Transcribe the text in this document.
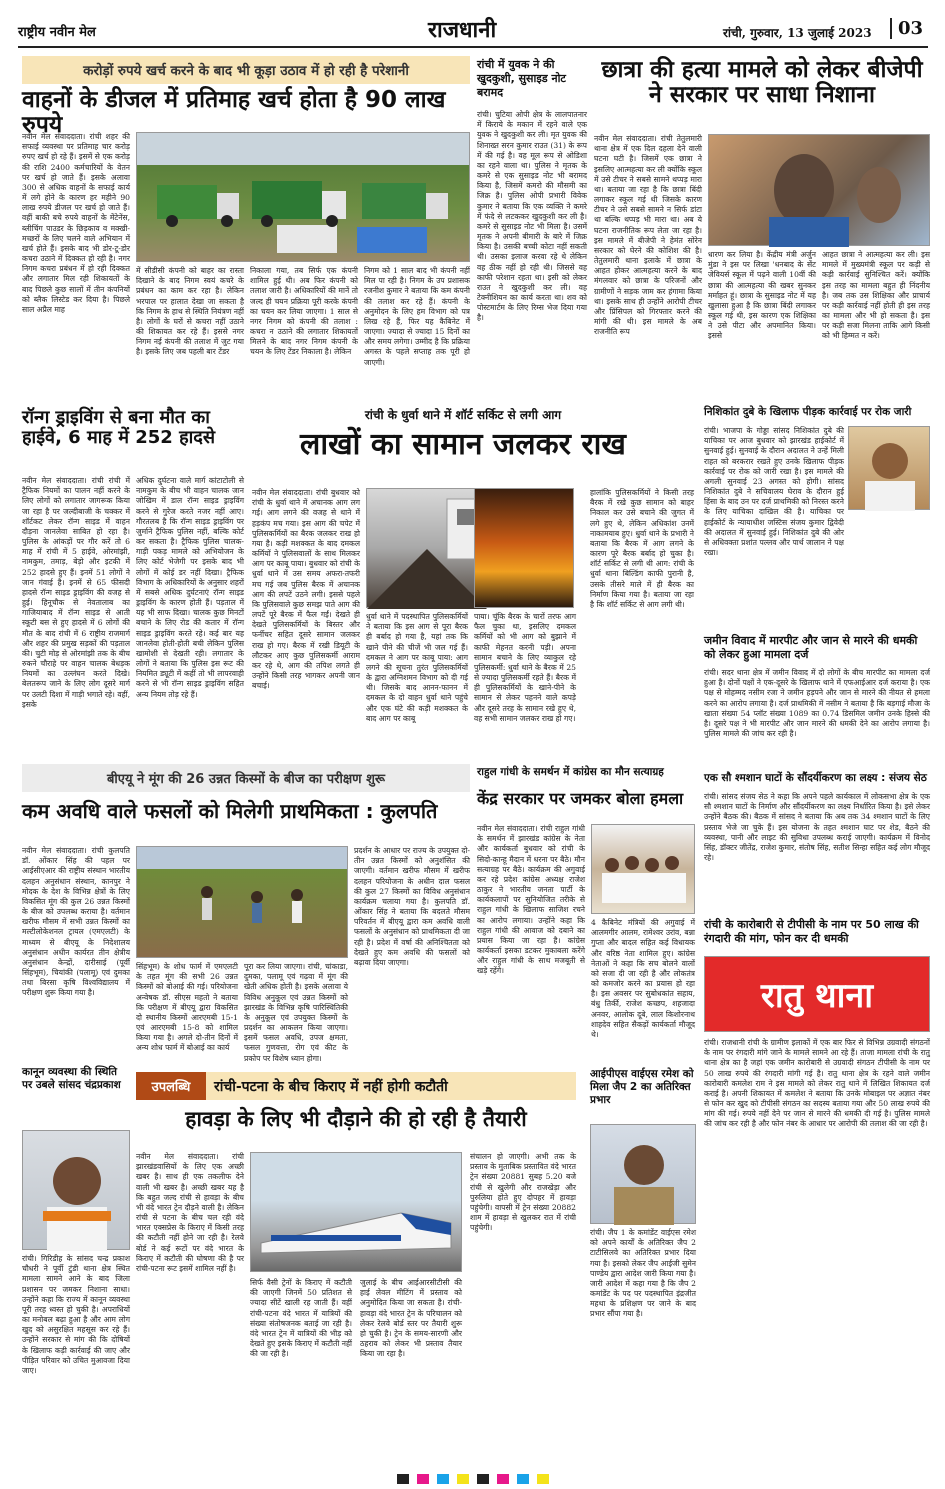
राष्ट्रीय नवीन मेल	राजधानी	रांची, गुरुवार, 13 जुलाई 2023	03
करोड़ों रुपये खर्च करने के बाद भी कूड़ा उठाव में हो रही है परेशानी
वाहनों के डीजल में प्रतिमाह खर्च होता है 90 लाख रुपये
नवीन मेल संवाददाता। रांची शहर की सफाई व्यवस्था पर प्रतिमाह चार करोड़ रुपए खर्च हो रहे हैं। इसमें से एक करोड़ की राशि 2400 कर्मचारियों के वेतन पर खर्च हो जाते हैं। इसके अलावा 300 से अधिक वाहनों के सफाई कार्य में लगे होने के कारण हर महीने 90 लाख रुपये डीजल पर खर्च हो जाते हैं। वहीं बाकी बचे रुपये वाहनों के मेंटेनेंस, ब्लीचिंग पाउडर के छिड़काव व मक्खी-मच्छरों के लिए चलने वाले अभियान में खर्च होते हैं। इसके बाद भी डोर-टू-डोर कचरा उठाने में दिक्कत हो रही है। नगर निगम कचरा प्रबंधन में हो रही दिक्कत और लगातार मिल रही शिकायतों के बाद पिछले कुछ सालों में तीन कंपनियों को ब्लैक लिस्टेड कर दिया है। पिछले साल अप्रैल माह
में सीडीसी कंपनी को बाहर का रास्ता दिखाने के बाद निगम स्वयं कचरे के प्रबंधन का काम कर रहा है। लेकिन भरपाल पर हालात देखा जा सकता है कि निगम के हाथ से स्थिति नियंत्रण नहीं है। लोगों के घरों से कचरा नहीं उठाने की शिकायत कर रहे हैं। इससे नगर निगम नई कंपनी की तलाश में जुट गया है। इसके लिए जब पहली बार टेंडर
निकाला गया, तब सिर्फ एक कंपनी शामिल हुई थी। अब फिर कंपनी को तलाश जारी है। अधिकारियों की मानें तो जल्द ही चयन प्रक्रिया पूरी करके कंपनी का चयन कर लिया जाएगा। 1 साल से नगर निगम को कंपनी की तलाश : कचरा न उठाने की लगातार शिकायतों मिलने के बाद नगर निगम कंपनी के चयन के लिए टेंडर निकाला है। लेकिन
निगम को 1 साल बाद भी कंपनी नहीं मिल पा रही है। निगम के उप प्रशासक रजनीश कुमार ने बताया कि कम कंपनी की तलाश कर रहे हैं। कंपनी के अनुमोदन के लिए हम विभाग को पत्र लिख रहे हैं, फिर यह कैबिनेट में जाएगा। ज्यादा से ज्यादा 15 दिनों का और समय लगेगा। उम्मीद है कि प्रक्रिया अगस्त के पहले सप्ताह तक पूरी हो जाएगी।
रांची में युवक ने की खुदकुशी, सुसाइड नोट बरामद
रांची। चुटिया ओपी क्षेत्र के लालपातनार में किराये के मकान में रहने वाले एक युवक ने खुदकुशी कर ली। मृत युवक की शिनाख्त सरन कुमार राउत (31) के रूप में की गई है। वह मूल रूप से ओडिशा का रहने वाला था। पुलिस ने मृतक के कमरे से एक सुसाइड नोट भी बरामद किया है, जिसमें कमरो की मौसमी का जिक्र है। पुलिस ओपी प्रभारी विवेक कुमार ने बताया कि एक व्यक्ति ने कमरे में फंदे से लटककर खुदकुशी कर ली है। कमरे से सुसाइड नोट भी मिला है। उसमें मृतक ने अपनी बीमारी के बारे में जिक्र किया है। उसकी बच्ची कोटा नहीं सकती थी। उसका इलाज करवा रहे थे लेकिन वह ठीक नहीं हो रही थी। जिससे वह काफी परेशान रहता था। इसी को लेकर राउत ने खुदकुशी कर ली। वह टेक्नीशियन का कार्य करता था। शव को पोस्टमार्टम के लिए रिम्स भेज दिया गया है।
छात्रा की हत्या मामले को लेकर बीजेपी ने सरकार पर साधा निशाना
नवीन मेल संवाददाता। रांची तेतुलमारी थाना क्षेत्र में एक दिल दहला देने वाली घटना घटी है। जिसमें एक छात्रा ने इसलिए आत्महत्या कर ली क्योंकि स्कूल में उसे टीचर ने सबसे सामने थप्पड़ मारा था। बताया जा रहा है कि छात्रा बिंदी लगाकर स्कूल गई थी जिसके कारण टीचर ने उसे सबसे सामने न सिर्फ डांटा था बल्कि थप्पड़ भी मारा था। अब ये घटना राजनीतिक रूप लेता जा रहा है। इस मामले में बीजेपी ने हेमंत सोरेन सरकार को घेरने की कोशिश की है। तेतुलमारी थाना इलाके में छात्रा के आहत होकर आत्महत्या करने के बाद मंगलवार को छात्रा के परिजनों और ग्रामीणों ने सड़क जाम कर हंगामा किया था। इसके साथ ही उन्होंने आरोपी टीचर और प्रिंसिपल को गिरफ्तार करने की मांगी की थी। इस मामले के अब राजनीति रूप
धारण कर लिया है। केंद्रीय मंत्री अर्जुन मुंडा ने इस पर लिखा 'धनबाद के सेंट जेवियर्स स्कूल में पढ़ने वाली 10वीं की छात्रा की आत्महत्या की खबर सुनकर मर्माहत हूं। छात्रा के सुसाइड नोट में यह खुलासा हुआ है कि छात्रा बिंदी लगाकर स्कूल गई थी, इस कारण एक शिक्षिका ने उसे पीटा और अपमानित किया। इससे
आहत छात्रा ने आत्महत्या कर ली। इस मामले में मुख्यमंत्री स्कूल पर कड़ी से कड़ी कार्रवाई सुनिश्चित करें। क्योंकि इस तरह का मामला बहुत ही निंदनीय है। जब तक उस शिक्षिका और प्राचार्य पर कड़ी कार्रवाई नहीं होती ही इस तरह का मामला और भी हो सकता है। इस पर कड़ी सजा मिलना ताकि आगे किसी को भी हिम्मत न करें।
रॉन्ग ड्राइविंग से बना मौत का हाईवे, 6 माह में 252 हादसे
नवीन मेल संवाददाता। रांची रांची में ट्रैफिक नियमों का पालन नहीं करने के लिए लोगों को लगातार जागरूक किया जा रहा है पर जल्दीबाजी के चक्कर में शॉर्टकट लेकर रॉन्ग साइड में वाहन दौड़ना जानलेवा साबित हो रहा है। पुलिस के आंकड़ों पर गौर करें तो 6 माह में रांची में 5 हाईवे, ओरमांझी, नामकुम, तमाड़, बेड़ो और इटकी में 252 हादसे हुए हैं। इनमें 51 लोगों ने जान गंवाई है। इनमें से 65 फीसदी हादसे रॉन्ग साइड ड्राइविंग की वजह से हुई। हिनूचौक से नेवतालाब का गाजियाबाद में रॉन्ग साइड से आती स्कूटी बस से हुए हादसे में 6 लोगों की मौत के बाद रांची में 6 राष्ट्रीय राजमार्ग और शहर की प्रमुख सड़कों की पड़ताल की। चुटी मोड़ से ओरमांझी तक के बीच रुकने चौराहे पर वाहन चालक बेधड़क नियमों का उल्लंघन करते दिखे। बेलतरूप जाने के लिए लोग दूसरे मार्ग पर उलटी दिशा में गाड़ी भगाते रहे। वहीं, इसके
अधिक दुर्घटना वाले मार्ग कांटाटोली से नामकुम के बीच भी वाहन चालक जान जोखिम में डाल रॉन्ग साइड ड्राइविंग करने से गुरेज करते नजर नहीं आए। गौरतलब है कि रॉन्ग साइड ड्राइविंग पर जुर्माने ट्रैफिक पुलिस नहीं, बल्कि कोर्ट कर सकता है। ट्रैफिक पुलिस चालक-गाड़ी पकड़ मामले को अभियोजन के लिए कोर्ट भेजेगी पर इसके बाद भी लोगों में कोई डर नहीं दिखा। ट्रैफिक विभाग के अधिकारियों के अनुसार शहरों में सबसे अधिक दुर्घटनाएं रॉन्ग साइड ड्राइविंग के कारण होती हैं। पड़ताल में यह भी साफ दिखा। चालक कुछ मिनटों बचाने के लिए रोड की कतार में रॉन्ग साइड ड्राइविंग करते रहे। कई बार यह जानलेवा होती-होती बची लेकिन पुलिस खामोशी से देखती रही। लगातार के लोगों ने बताया कि पुलिस इस रूट की नियमित ड्यूटी में कहीं तो भी लापरवाही करने से भी रॉन्ग साइड ड्राइविंग सहित अन्य नियम तोड़ रहे हैं।
रांची के धुर्वा थाने में शॉर्ट सर्किट से लगी आग
लाखों का सामान जलकर राख
नवीन मेल संवाददाता। रांची बुधवार को रांची के धुर्वा थाने में अचानक आग लग गई। आग लगने की वजह से थाने में हड़कंप मच गया। इस आग की चपेट में पुलिसकर्मियों का बैरक जलकर राख हो गया है। कड़ी मशक्कत के बाद दमकल कर्मियों ने पुलिसवालों के साथ मिलकर आग पर काबू पाया। बुधवार को रांची के धुर्वा थाने में उस समय अफरा-तफरी मच गई जब पुलिस बैरक में अचानक आग की लपटें उठने लगी। इससे पहले कि पुलिसवाले कुछ समझ पाते आग की लपटें पूरे बैरक में फैल गईं। देखते ही देखते पुलिसकर्मियों के बिस्तर और फर्नीचर सहित दूसरे सामान जलकर राख हो गए। बैरक में रखी डियूटी के लौटकर आए कुछ पुलिसकर्मी आराम कर रहे थे, आग की तपिश लगते ही उन्होंने किसी तरह भागकर अपनी जान बचाई।
धुर्वा थाने में पदस्थापित पुलिसकर्मियों ने बताया कि इस आग से पूरा बैरक ही बर्बाद हो गया है, यहां तक कि खाने पीने की चीजें भी जल गई हैं। दमकल ने आग पर काबू पाया: आग लगने की सूचना तुरंत पुलिसकर्मियों के द्वारा अग्निशमन विभाग को दी गई थी। जिसके बाद आनन-फानन में दमकल के दो वाहन धुर्वा थाने पहुंचे और एक घंटे की कड़ी मशक्कत के बाद आग पर काबू
पाया। चूंकि बैरक के चारों तरफ आग फैल चुका था, इसलिए दमकल कर्मियों को भी आग को बुझाने में काफी मेहनत करनी पड़ी। अपना सामान बचाने के लिए व्याकुल रहे पुलिसकर्मी: धुर्वा थाने के बैरक में 25 से ज्यादा पुलिसकर्मी रहते हैं। बैरक में ही पुलिसकर्मियों के खाने-पीने के सामान से लेकर पहनने वाले कपड़े और दूसरे तरह के सामान रखे हुए थे, वह सभी सामान जलकर राख हो गए।
हालांकि पुलिसकर्मियों ने किसी तरह बैरक में रखे कुछ सामान को बाहर निकाल कर उसे बचाने की जुगत में लगे हुए थे, लेकिन अधिकांश उनमें नाकामयाब हुए। धुर्वा थाने के प्रभारी ने बताया कि बैरक में आग लगने के कारण पूरे बैरक बर्बाद हो चुका है। शॉर्ट सर्किट से लगी थी आग: रांची के धुर्वा थाना बिल्डिंग काफी पुरानी है, उसके तीसरे माले में ही बैरक का निर्माण किया गया है। बताया जा रहा है कि शॉर्ट सर्किट से आग लगी थी।
निशिकांत दुबे के खिलाफ पीड़क कार्रवाई पर रोक जारी
रांची। भाजपा के गोड्डा सांसद निशिकांत दुबे की याचिका पर आज बुधवार को झारखंड हाईकोर्ट में सुनवाई हुई। सुनवाई के दौरान अदालत ने उन्हें मिली राहत को बरकरार रखते हुए उनके खिलाफ पीड़क कार्रवाई पर रोक को जारी रखा है। इस मामले की अगली सुनवाई 23 अगस्त को होगी। सांसद निशिकांत दुबे ने सचिवालय घेराव के दौरान हुई हिंसा के बाद उन पर दर्ज प्राथमिकी को निरस्त करने के लिए याचिका दाखिल की है। याचिका पर हाईकोर्ट के न्यायाधीश जस्टिस संजय कुमार द्विवेदी की अदालत में सुनवाई हुई। निशिकांत दुबे की ओर से अधिवक्ता प्रशांत पल्लव और पार्थ जालान ने पक्ष रखा।
जमीन विवाद में मारपीट और जान से मारने की धमकी को लेकर हुआ मामला दर्ज
रांची। सदर थाना क्षेत्र में जमीन विवाद में दो लोगों के बीच मारपीट का मामला दर्ज हुआ है। दोनों पक्षों ने एक-दूसरे के खिलाफ थाने में एफआईआर दर्ज कराया है। एक पक्ष से मोहम्मद नसीम रजा ने जमीन हड़पने और जान से मारने की नीयत से हमला करने का आरोप लगाया है। दर्ज प्राथमिकी में नसीम ने बताया है कि बड़गाई मौजा के खाता संख्या 54 प्लॉट संख्या 1089 का 0.74 डिसमिल जमीन उनके हिस्से की है। दूसरे पक्ष ने भी मारपीट और जान मारने की धमकी देने का आरोप लगाया है। पुलिस मामले की जांच कर रही है।
बीएयू ने मूंग की 26 उन्नत किस्मों के बीज का परीक्षण शुरू
कम अवधि वाले फसलों को मिलेगी प्राथमिकता : कुलपति
नवीन मेल संवाददाता। रांची कुलपति डॉ. ओंकार सिंह की पहल पर आईसीएआर की राष्ट्रीय संस्थान भारतीय दलहन अनुसंधान संस्थान, कानपुर ने मोदक के देश के विभिन्न क्षेत्रों के लिए विकसित मूंग की कुल 26 उन्नत किस्मों के बीज को उपलब्ध कराया है। वर्तमान खरीफ मौसम में सभी उन्नत किस्मों का मल्टीलोकेशनल ट्रायल (एमएलटी) के माध्यम से बीएयू के निदेशालय अनुसंधान अधीन कार्यरत तीन क्षेत्रीय अनुसंधान केन्द्रों, दारीसाई (पूर्वी सिंहभूम), चियांकी (पलामू) एवं दुमका तथा बिरसा कृषि विश्वविद्यालय में परीक्षण शुरू किया गया है।
सिंहभूम) के शोध फार्म में एमएलटी के तहत मूंग की सभी 26 उन्नत किस्मों को बोआई की गई। परियोजना अन्वेषक डॉ. सीएस महतो ने बताया कि परीक्षण में बीएयू द्वारा विकसित दो स्थानीय किस्मों आरएमबी 15-1 एवं आरएमबी 15-8 को शामिल किया गया है। अगले दो-तीन दिनों में अन्य शोध फार्म में बोआई का कार्य
पूरा कर लिया जाएगा। रांची, चांकाडा, दुमका, पलामू एवं गढ़वा में मूंग की खेती अधिक होती है। इसके अलावा ये विविध अनुकूल एवं उन्नत किस्मों को झारखंड के विभिन्न कृषि पारिस्थितिकी के अनुकूल एवं उपयुक्त किस्मों के प्रदर्शन का आकलन किया जाएगा। इसमें फसल अवधि, उपज क्षमता, फसल गुणवत्ता, रोग एवं कीट के प्रकोप पर विशेष ध्यान होगा।
प्रदर्शन के आधार पर राज्य के उपयुक्त दो-तीन उन्नत किस्मों को अनुशंसित की जाएगी। वर्तमान खरीफ मौसम में खरीफ दलहन परियोजना के अधीन दाल फसल की कुल 27 किस्मों का विविध अनुसंधान कार्यक्रम चलाया गया है। कुलपति डॉ. ओंकार सिंह ने बताया कि बदलते मौसम परिवर्तन में बीएयू द्वारा कम अवधि वाली फसलों के अनुसंधान को प्राथमिकता दी जा रही है। प्रदेश में वर्षा की अनिश्चितता को देखते हुए कम अवधि की फसलों को बढ़ावा दिया जाएगा।
राहुल गांधी के समर्थन में कांग्रेस का मौन सत्याग्रह
केंद्र सरकार पर जमकर बोला हमला
नवीन मेल संवाददाता। रांची राहुल गांधी के समर्थन में झारखंड कांग्रेस के नेता और कार्यकर्ता बुधवार को रांची के सिदो-कान्हू मैदान में धरना पर बैठे। मौन सत्याग्रह पर बैठे। कार्यक्रम की अगुवाई कर रहे प्रदेश कांग्रेस अध्यक्ष राजेश ठाकुर ने भारतीय जनता पार्टी के कार्यकलापों पर सुनियोजित तरीके से राहुल गांधी के खिलाफ साजिश रचने का आरोप लगाया। उन्होंने कहा कि राहुल गांधी की आवाज को दबाने का प्रयास किया जा रहा है। कांग्रेस कार्यकर्ता इसका डटकर मुकाबला करेंगे और राहुल गांधी के साथ मजबूती से खड़े रहेंगे।
4 कैबिनेट मंत्रियों की अगुवाई में आलमगीर आलम, रामेश्वर उरांव, बन्ना गुप्ता और बादल सहित कई विधायक और वरिष्ठ नेता शामिल हुए। कांग्रेस नेताओं ने कहा कि सच बोलने वालों को सजा दी जा रही है और लोकतंत्र को कमजोर करने का प्रयास हो रहा है। इस अवसर पर सुबोधकांत सहाय, बंधु तिर्की, राजेश कच्छप, शहजादा अनवर, आलोक दूबे, लाल किशोरनाथ शाहदेव सहित सैकड़ों कार्यकर्ता मौजूद थे।
एक सौ श्मशान घाटों के सौंदर्यीकरण का लक्ष्य : संजय सेठ
रांची। सांसद संजय सेठ ने कहा कि अपने पहले कार्यकाल में लोकसभा क्षेत्र के एक सौ श्मशान घाटों के निर्माण और सौंदर्यीकरण का लक्ष्य निर्धारित किया है। इसे लेकर उन्होंने बैठक की। बैठक में सांसद ने बताया कि अब तक 34 श्मशान घाटों के लिए प्रस्ताव भेजे जा चुके हैं। इस योजना के तहत श्मशान घाट पर शेड, बैठने की व्यवस्था, पानी और लाइट की सुविधा उपलब्ध कराई जाएगी। कार्यक्रम में विनोद सिंह, डॉक्टर जीतेंद्र, राजेश कुमार, संतोष सिंह, सतीश सिन्हा सहित कई लोग मौजूद रहे।
रांची के कारोबारी से टीपीसी के नाम पर 50 लाख की रंगदारी की मांग, फोन कर दी धमकी
रातु थाना
रांची। राजधानी रांची के ग्रामीण इलाकों में एक बार फिर से विभिन्न उग्रवादी संगठनों के नाम पर रंगदारी मांगे जाने के मामले सामने आ रहे हैं। ताजा मामला रांची के रातु थाना क्षेत्र का है जहां एक जमीन कारोबारी से उग्रवादी संगठन टीपीसी के नाम पर 50 लाख रुपये की रंगदारी मांगी गई है। रातु थाना क्षेत्र के रहने वाले जमीन कारोबारी कमलेश राम ने इस मामले को लेकर रातु थाने में लिखित शिकायत दर्ज कराई है। अपनी शिकायत में कमलेश ने बताया कि उनके मोबाइल पर अज्ञात नंबर से फोन कर खुद को टीपीसी संगठन का सदस्य बताया गया और 50 लाख रुपये की मांग की गई। रुपये नहीं देने पर जान से मारने की धमकी दी गई है। पुलिस मामले की जांच कर रही है और फोन नंबर के आधार पर आरोपी की तलाश की जा रही है।
कानून व्यवस्था की स्थिति पर उबले सांसद चंद्रप्रकाश
रांची। गिरिडीह के सांसद चन्द्र प्रकाश चौधरी ने पूर्वी टुंडी थाना क्षेत्र स्थित मामला सामने आने के बाद जिला प्रशासन पर जमकर निशाना साधा। उन्होंने कहा कि राज्य में कानून व्यवस्था पूरी तरह ध्वस्त हो चुकी है। अपराधियों का मनोबल बढ़ा हुआ है और आम लोग खुद को असुरक्षित महसूस कर रहे हैं। उन्होंने सरकार से मांग की कि दोषियों के खिलाफ कड़ी कार्रवाई की जाए और पीड़ित परिवार को उचित मुआवजा दिया जाए।
उपलब्धि	रांची-पटना के बीच किराए में नहीं होगी कटौती
हावड़ा के लिए भी दौड़ाने की हो रही है तैयारी
नवीन मेल संवाददाता। रांची झारखंडवासियों के लिए एक अच्छी खबर है। साथ ही एक तकलीफ देने वाली भी खबर है। अच्छी खबर यह है कि बहुत जल्द रांची से हावड़ा के बीच भी वंदे भारत ट्रेन दौड़ने वाली है। लेकिन रांची से पटना के बीच चल रही वंदे भारत एक्सप्रेस के किराए में किसी तरह की कटौती नहीं होने जा रही है। रेलवे बोर्ड ने कई रूटों पर वंदे भारत के किराए में कटौती की घोषणा की है पर रांची-पटना रूट इसमें शामिल नहीं है।
सिर्फ वैसी ट्रेनों के किराए में कटौती की जाएगी जिनमें 50 प्रतिशत से ज्यादा सीटें खाली रह जाती हैं। वहीं रांची-पटना वंदे भारत में यात्रियों की संख्या संतोषजनक बताई जा रही है। वंदे भारत ट्रेन में यात्रियों की भीड़ को देखते हुए इसके किराए में कटौती नहीं की जा रही है।
जुलाई के बीच आईआरसीटीसी की हाई लेवल मीटिंग में प्रस्ताव को अनुमोदित किया जा सकता है। रांची-हावड़ा वंदे भारत ट्रेन के परिचालन को लेकर रेलवे बोर्ड स्तर पर तैयारी शुरू हो चुकी है। ट्रेन के समय-सारणी और ठहराव को लेकर भी प्रस्ताव तैयार किया जा रहा है।
संचालन हो जाएगी। अभी तक के प्रस्ताव के मुताबिक प्रस्तावित वंदे भारत ट्रेन संख्या 20881 सुबह 5.20 बजे रांची से खुलेगी और राजखेड़ा और पुरुलिया होते हुए दोपहर में हावड़ा पहुंचेगी। वापसी में ट्रेन संख्या 20882 शाम में हावड़ा से खुलकर रात में रांची पहुंचेगी।
आईपीएस वाईएस रमेश को मिला जैप 2 का अतिरिक्त प्रभार
रांची। जैप 1 के कमांडेंट वाईएस रमेश को अपने कार्यों के अतिरिक्त जैप 2 टाटीसिलवे का अतिरिक्त प्रभार दिया गया है। इसको लेकर जैप आईजी सुमेन पाण्डेय द्वारा आदेश जारी किया गया है। जारी आदेश में कहा गया है कि जैप 2 कमांडेंट के पद पर पदस्थापित इंद्रजीत महथा के प्रशिक्षण पर जाने के बाद प्रभार सौंपा गया है।
